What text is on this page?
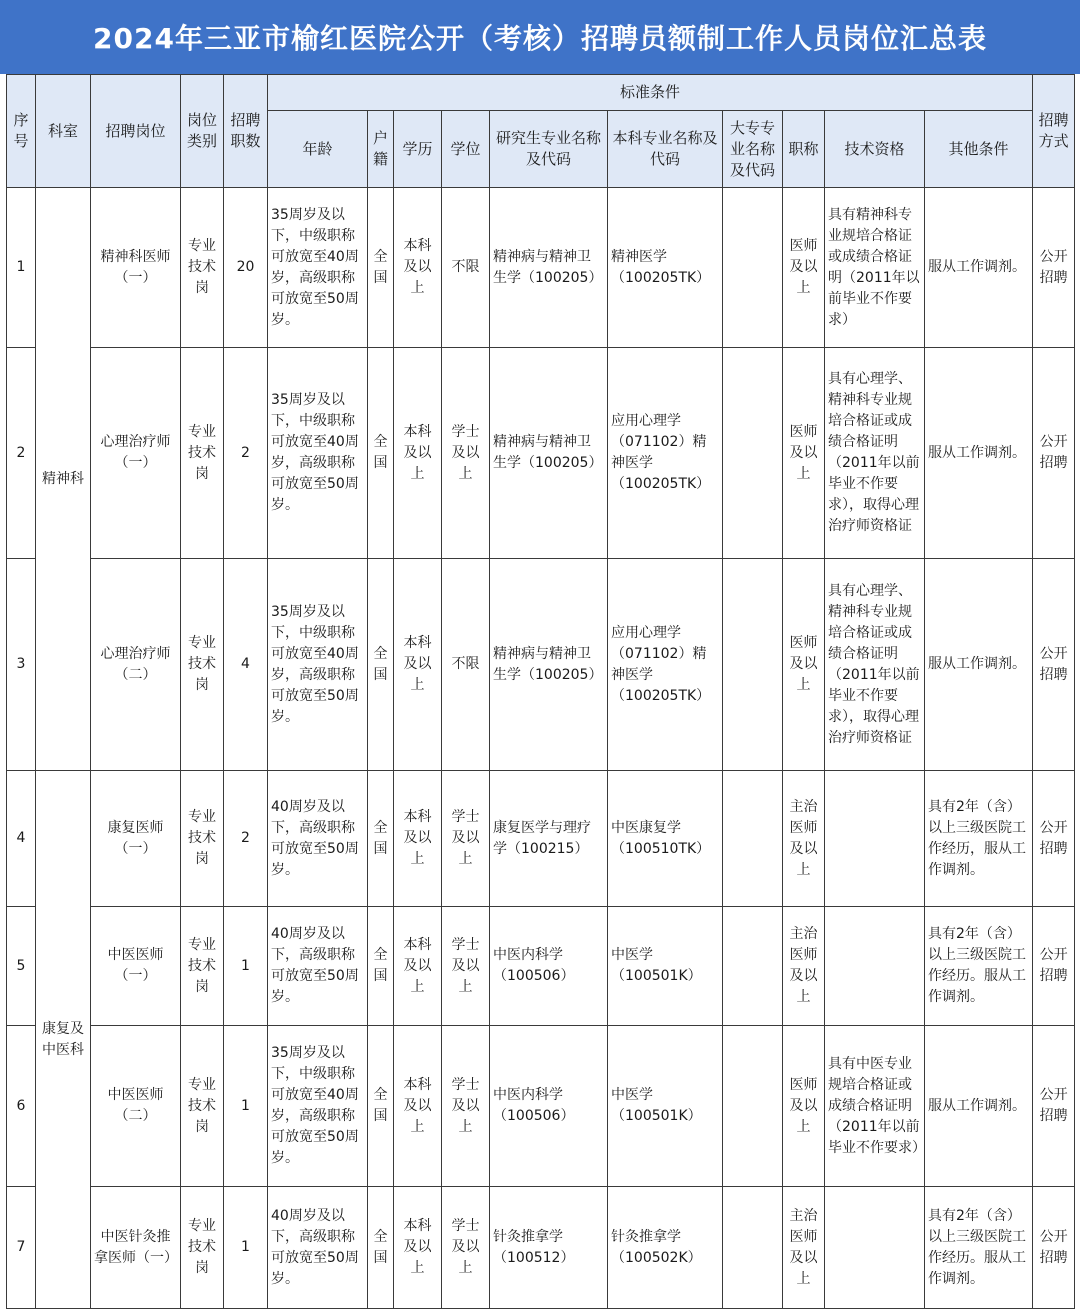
2024年三亚市榆红医院公开（考核）招聘员额制工作人员岗位汇总表
序号	科室	招聘岗位	岗位类别	招聘职数	标准条件										招聘方式
					年龄	户籍	学历	学位	研究生专业名称及代码	本科专业名称及代码	大专专业名称及代码	职称	技术资格	其他条件	
1	精神科	精神科医师（一）	专业技术岗	20	35周岁及以下，中级职称可放宽至40周岁，高级职称可放宽至50周岁。	全国	本科及以上	不限	精神病与精神卫生学（100205）	精神医学（100205TK）		医师及以上	具有精神科专业规培合格证或成绩合格证明（2011年以前毕业不作要求）	服从工作调剂。	公开招聘
2		心理治疗师（一）	专业技术岗	2	35周岁及以下，中级职称可放宽至40周岁，高级职称可放宽至50周岁。	全国	本科及以上	学士及以上	精神病与精神卫生学（100205）	应用心理学（071102）精神医学（100205TK）		医师及以上	具有心理学、精神科专业规培合格证或成绩合格证明（2011年以前毕业不作要求），取得心理治疗师资格证	服从工作调剂。	公开招聘
3		心理治疗师（二）	专业技术岗	4	35周岁及以下，中级职称可放宽至40周岁，高级职称可放宽至50周岁。	全国	本科及以上	不限	精神病与精神卫生学（100205）	应用心理学（071102）精神医学（100205TK）		医师及以上	具有心理学、精神科专业规培合格证或成绩合格证明（2011年以前毕业不作要求），取得心理治疗师资格证	服从工作调剂。	公开招聘
4	康复及中医科	康复医师（一）	专业技术岗	2	40周岁及以下，高级职称可放宽至50周岁。	全国	本科及以上	学士及以上	康复医学与理疗学（100215）	中医康复学（100510TK）		主治医师及以上		具有2年（含）以上三级医院工作经历，服从工作调剂。	公开招聘
5		中医医师（一）	专业技术岗	1	40周岁及以下，高级职称可放宽至50周岁。	全国	本科及以上	学士及以上	中医内科学（100506）	中医学（100501K）		主治医师及以上		具有2年（含）以上三级医院工作经历。服从工作调剂。	公开招聘
6		中医医师（二）	专业技术岗	1	35周岁及以下，中级职称可放宽至40周岁，高级职称可放宽至50周岁。	全国	本科及以上	学士及以上	中医内科学（100506）	中医学（100501K）		医师及以上	具有中医专业规培合格证或成绩合格证明（2011年以前毕业不作要求）	服从工作调剂。	公开招聘
7		中医针灸推拿医师（一）	专业技术岗	1	40周岁及以下，高级职称可放宽至50周岁。	全国	本科及以上	学士及以上	针灸推拿学（100512）	针灸推拿学（100502K）		主治医师及以上		具有2年（含）以上三级医院工作经历。服从工作调剂。	公开招聘
